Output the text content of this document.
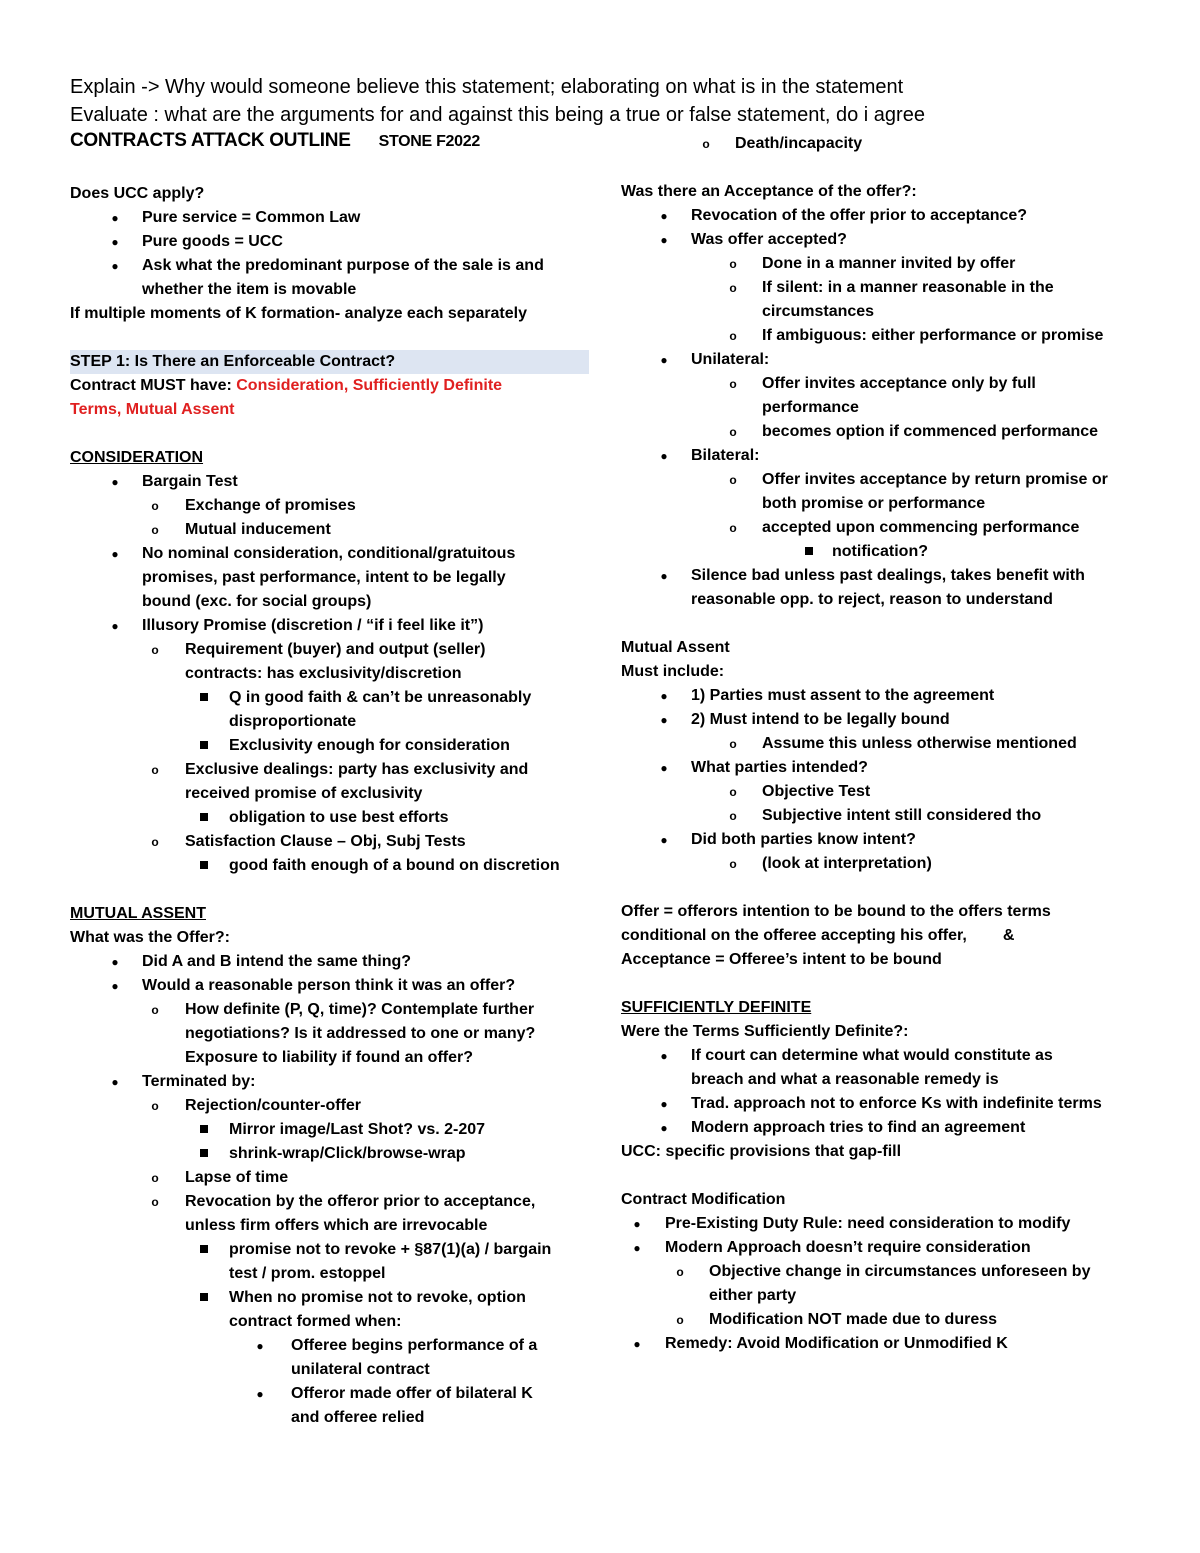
Explain -> Why would someone believe this statement; elaborating on what is in the statement
Evaluate : what are the arguments for and against this being a true or false statement, do i agree
CONTRACTS ATTACK OUTLINE STONE F2022
Does UCC apply?
● Pure service = Common Law
● Pure goods = UCC
● Ask what the predominant purpose of the sale is and
whether the item is movable
If multiple moments of K formation- analyze each separately
STEP 1: Is There an Enforceable Contract?
Contract MUST have: Consideration, Sufficiently Definite
Terms, Mutual Assent
CONSIDERATION
● Bargain Test
o Exchange of promises
o Mutual inducement
● No nominal consideration, conditional/gratuitous
promises, past performance, intent to be legally
bound (exc. for social groups)
● Illusory Promise (discretion / “if i feel like it”)
o Requirement (buyer) and output (seller)
contracts: has exclusivity/discretion
Q in good faith & can’t be unreasonably
disproportionate
Exclusivity enough for consideration
o Exclusive dealings: party has exclusivity and
received promise of exclusivity
obligation to use best efforts
o Satisfaction Clause – Obj, Subj Tests
good faith enough of a bound on discretion
MUTUAL ASSENT
What was the Offer?:
● Did A and B intend the same thing?
● Would a reasonable person think it was an offer?
o How definite (P, Q, time)? Contemplate further
negotiations? Is it addressed to one or many?
Exposure to liability if found an offer?
● Terminated by:
o Rejection/counter-offer
Mirror image/Last Shot? vs. 2-207
shrink-wrap/Click/browse-wrap
o Lapse of time
o Revocation by the offeror prior to acceptance,
unless firm offers which are irrevocable
promise not to revoke + §87(1)(a) / bargain
test / prom. estoppel
When no promise not to revoke, option
contract formed when:
● Offeree begins performance of a
unilateral contract
● Offeror made offer of bilateral K
and offeree relied
o Death/incapacity
Was there an Acceptance of the offer?:
● Revocation of the offer prior to acceptance?
● Was offer accepted?
o Done in a manner invited by offer
o If silent: in a manner reasonable in the
circumstances
o If ambiguous: either performance or promise
● Unilateral:
o Offer invites acceptance only by full
performance
o becomes option if commenced performance
● Bilateral:
o Offer invites acceptance by return promise or
both promise or performance
o accepted upon commencing performance
notification?
● Silence bad unless past dealings, takes benefit with
reasonable opp. to reject, reason to understand
Mutual Assent
Must include:
● 1) Parties must assent to the agreement
● 2) Must intend to be legally bound
o Assume this unless otherwise mentioned
● What parties intended?
o Objective Test
o Subjective intent still considered tho
● Did both parties know intent?
o (look at interpretation)
Offer = offerors intention to be bound to the offers terms
conditional on the offeree accepting his offer, &
Acceptance = Offeree’s intent to be bound
SUFFICIENTLY DEFINITE
Were the Terms Sufficiently Definite?:
● If court can determine what would constitute as
breach and what a reasonable remedy is
● Trad. approach not to enforce Ks with indefinite terms
● Modern approach tries to find an agreement
UCC: specific provisions that gap-fill
Contract Modification
● Pre-Existing Duty Rule: need consideration to modify
● Modern Approach doesn’t require consideration
o Objective change in circumstances unforeseen by
either party
o Modification NOT made due to duress
● Remedy: Avoid Modification or Unmodified K
